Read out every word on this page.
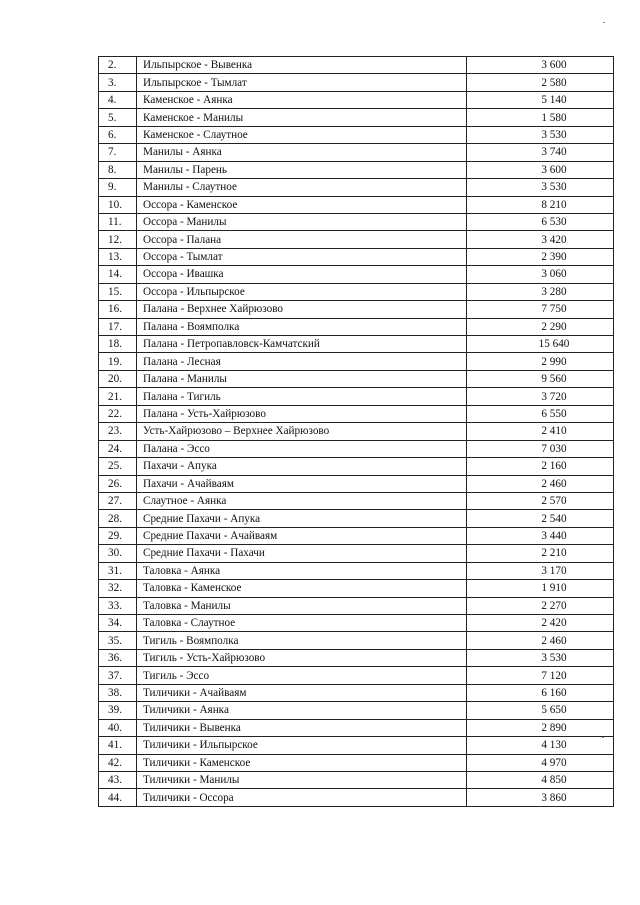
2.	Ильпырское - Вывенка	3 600
3.	Ильпырское - Тымлат	2 580
4.	Каменское - Аянка	5 140
5.	Каменское - Манилы	1 580
6.	Каменское - Слаутное	3 530
7.	Манилы - Аянка	3 740
8.	Манилы - Парень	3 600
9.	Манилы - Слаутное	3 530
10.	Оссора - Каменское	8 210
11.	Оссора - Манилы	6 530
12.	Оссора - Палана	3 420
13.	Оссора - Тымлат	2 390
14.	Оссора - Ивашка	3 060
15.	Оссора - Ильпырское	3 280
16.	Палана - Верхнее Хайрюзово	7 750
17.	Палана - Воямполка	2 290
18.	Палана - Петропавловск-Камчатский	15 640
19.	Палана - Лесная	2 990
20.	Палана - Манилы	9 560
21.	Палана - Тигиль	3 720
22.	Палана - Усть-Хайрюзово	6 550
23.	Усть-Хайрюзово – Верхнее Хайрюзово	2 410
24.	Палана - Эссо	7 030
25.	Пахачи - Апука	2 160
26.	Пахачи - Ачайваям	2 460
27.	Слаутное - Аянка	2 570
28.	Средние Пахачи - Апука	2 540
29.	Средние Пахачи - Ачайваям	3 440
30.	Средние Пахачи - Пахачи	2 210
31.	Таловка - Аянка	3 170
32.	Таловка - Каменское	1 910
33.	Таловка - Манилы	2 270
34.	Таловка - Слаутное	2 420
35.	Тигиль - Воямполка	2 460
36.	Тигиль - Усть-Хайрюзово	3 530
37.	Тигиль - Эссо	7 120
38.	Тиличики - Ачайваям	6 160
39.	Тиличики - Аянка	5 650
40.	Тиличики - Вывенка	2 890
41.	Тиличики - Ильпырское	4 130
42.	Тиличики - Каменское	4 970
43.	Тиличики - Манилы	4 850
44.	Тиличики - Оссора	3 860
